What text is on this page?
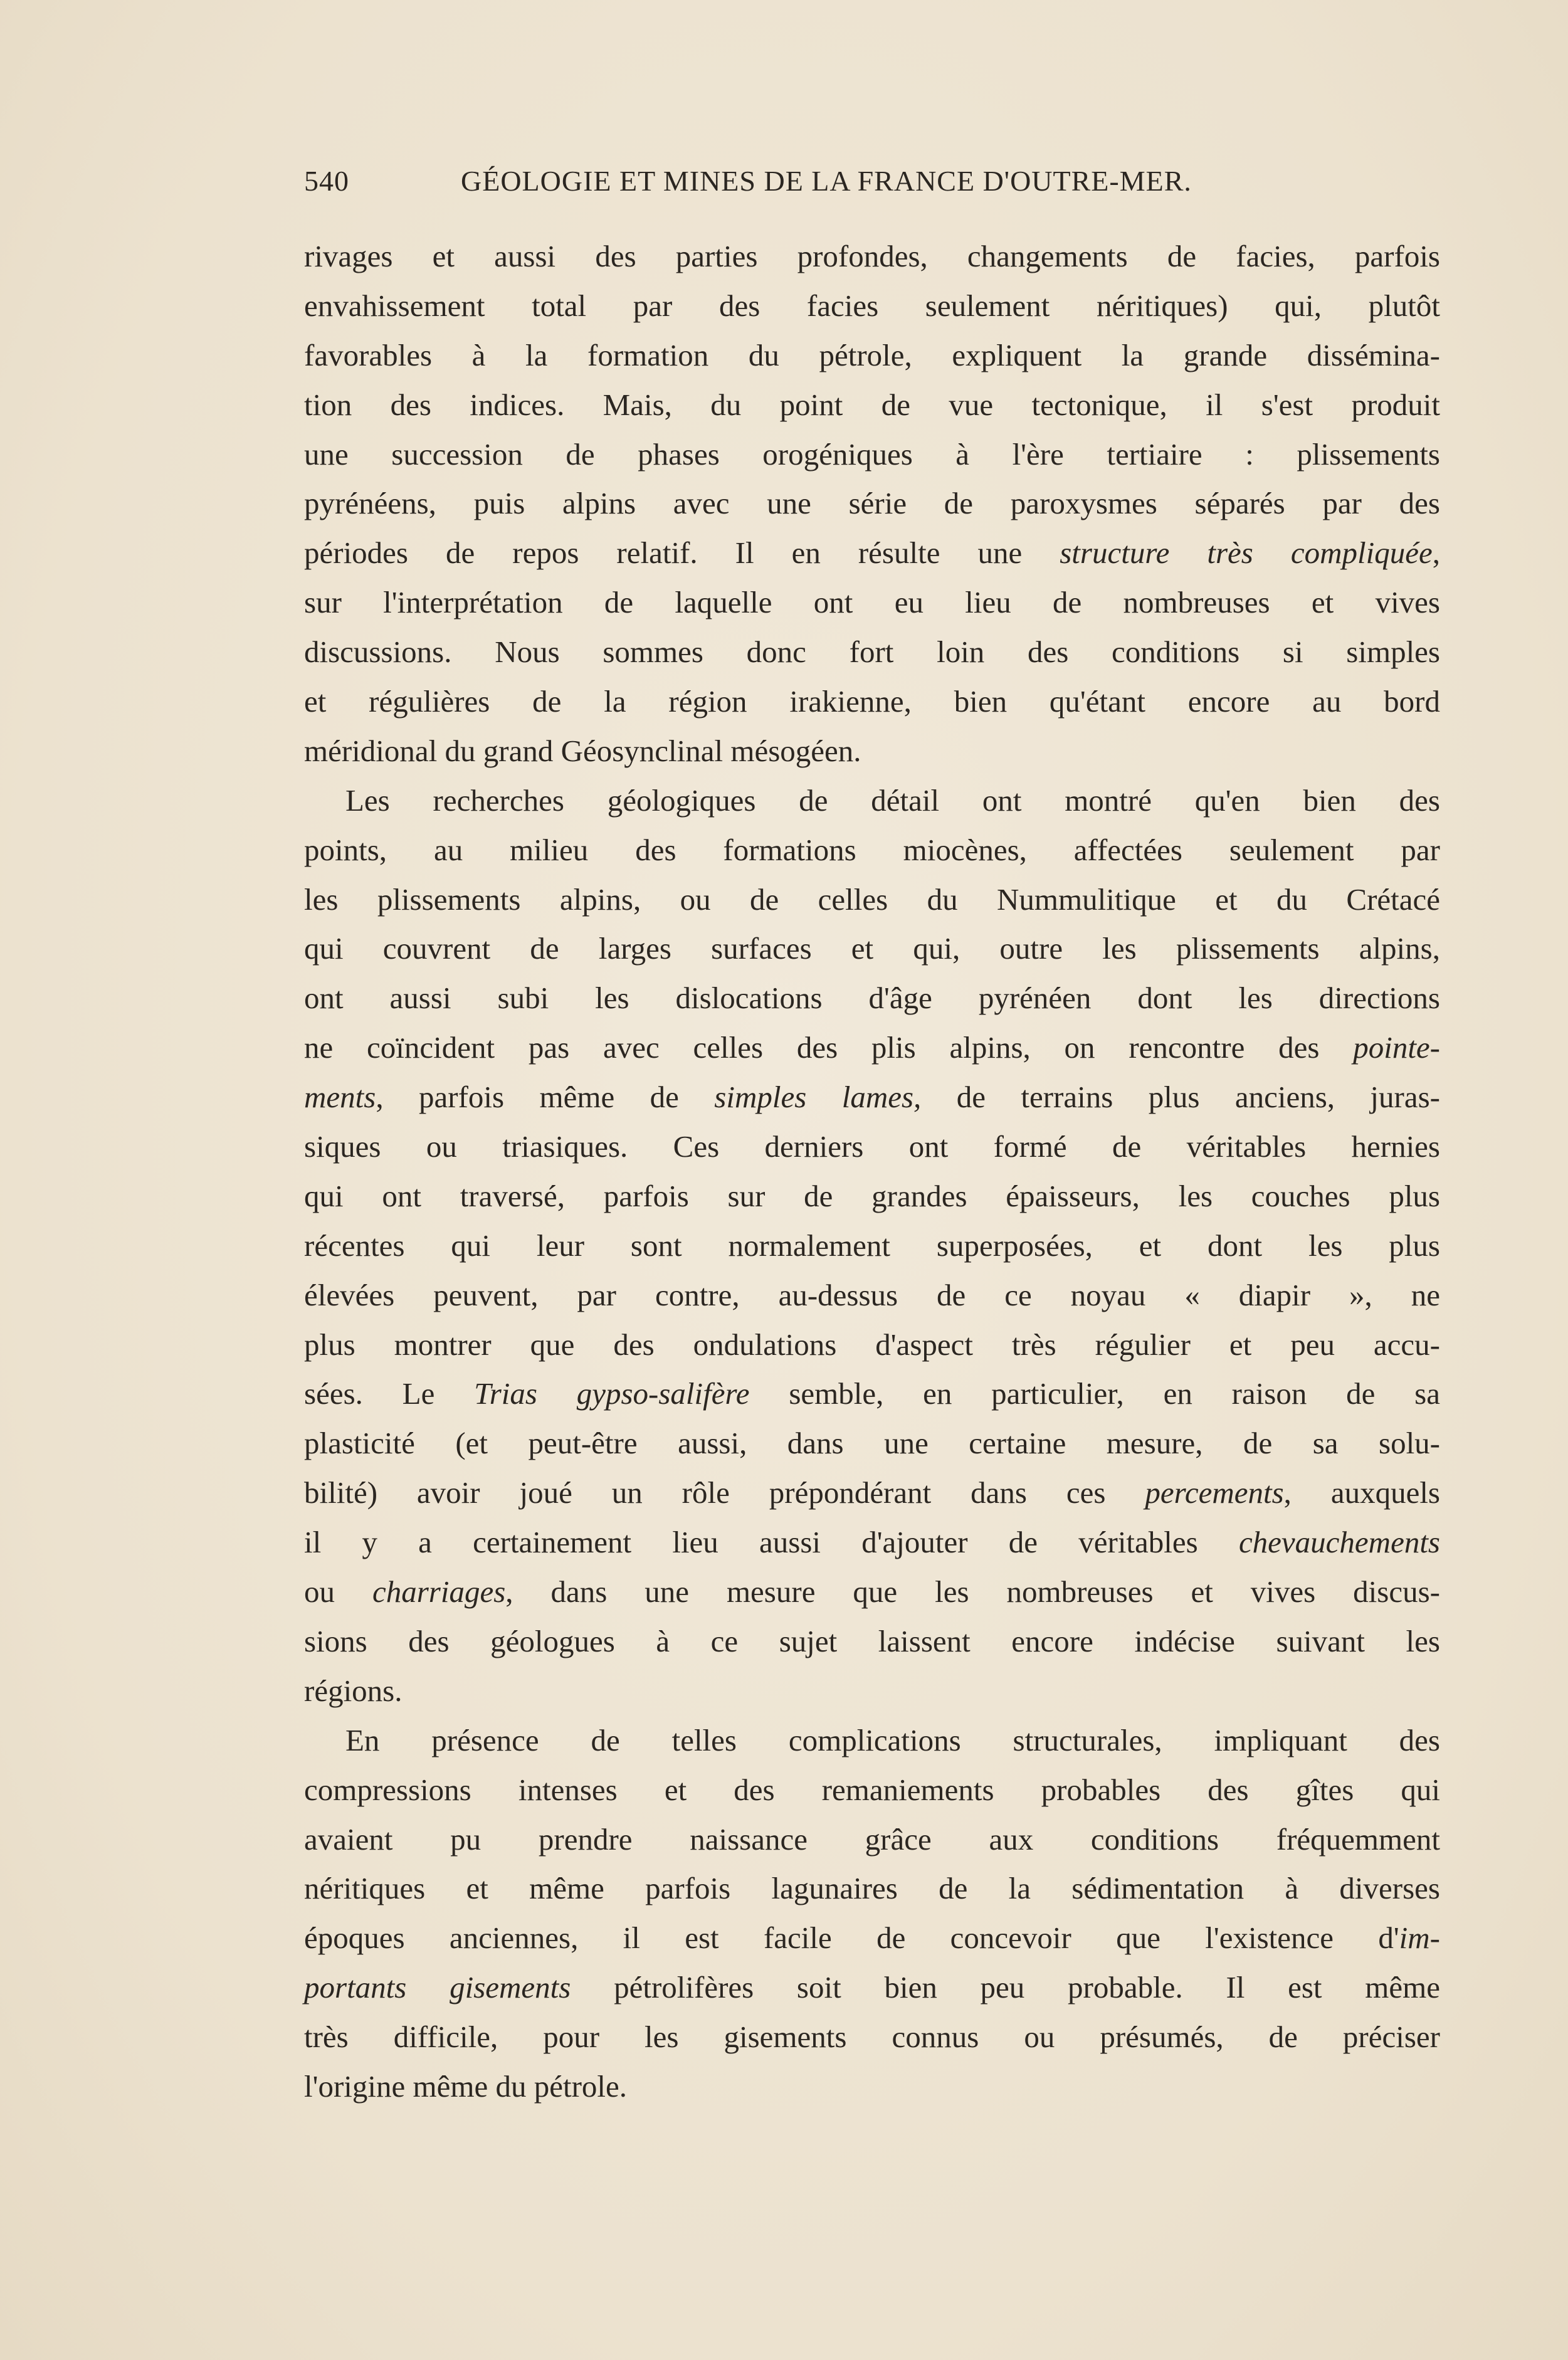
540	GÉOLOGIE ET MINES DE LA FRANCE D'OUTRE-MER.
rivages et aussi des parties profondes, changements de facies, parfois
envahissement total par des facies seulement néritiques) qui, plutôt
favorables à la formation du pétrole, expliquent la grande dissémina-
tion des indices. Mais, du point de vue tectonique, il s'est produit
une succession de phases orogéniques à l'ère tertiaire : plissements
pyrénéens, puis alpins avec une série de paroxysmes séparés par des
périodes de repos relatif. Il en résulte une structure très compliquée,
sur l'interprétation de laquelle ont eu lieu de nombreuses et vives
discussions. Nous sommes donc fort loin des conditions si simples
et régulières de la région irakienne, bien qu'étant encore au bord
méridional du grand Géosynclinal mésogéen.
Les recherches géologiques de détail ont montré qu'en bien des
points, au milieu des formations miocènes, affectées seulement par
les plissements alpins, ou de celles du Nummulitique et du Crétacé
qui couvrent de larges surfaces et qui, outre les plissements alpins,
ont aussi subi les dislocations d'âge pyrénéen dont les directions
ne coïncident pas avec celles des plis alpins, on rencontre des pointe-
ments, parfois même de simples lames, de terrains plus anciens, juras-
siques ou triasiques. Ces derniers ont formé de véritables hernies
qui ont traversé, parfois sur de grandes épaisseurs, les couches plus
récentes qui leur sont normalement superposées, et dont les plus
élevées peuvent, par contre, au-dessus de ce noyau « diapir », ne
plus montrer que des ondulations d'aspect très régulier et peu accu-
sées. Le Trias gypso-salifère semble, en particulier, en raison de sa
plasticité (et peut-être aussi, dans une certaine mesure, de sa solu-
bilité) avoir joué un rôle prépondérant dans ces percements, auxquels
il y a certainement lieu aussi d'ajouter de véritables chevauchements
ou charriages, dans une mesure que les nombreuses et vives discus-
sions des géologues à ce sujet laissent encore indécise suivant les
régions.
En présence de telles complications structurales, impliquant des
compressions intenses et des remaniements probables des gîtes qui
avaient pu prendre naissance grâce aux conditions fréquemment
néritiques et même parfois lagunaires de la sédimentation à diverses
époques anciennes, il est facile de concevoir que l'existence d'im-
portants gisements pétrolifères soit bien peu probable. Il est même
très difficile, pour les gisements connus ou présumés, de préciser
l'origine même du pétrole.
